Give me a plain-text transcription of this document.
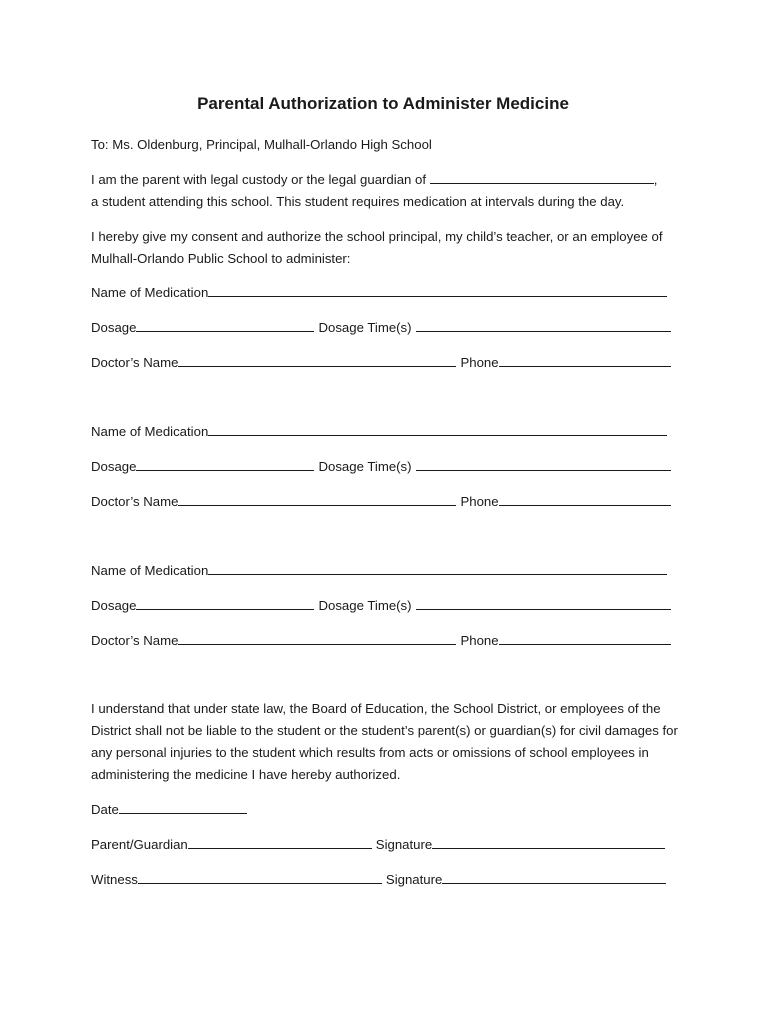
Parental Authorization to Administer Medicine
To: Ms. Oldenburg, Principal, Mulhall-Orlando High School
I am the parent with legal custody or the legal guardian of	,
a student attending this school. This student requires medication at intervals during the day.
I hereby give my consent and authorize the school principal, my child’s teacher, or an employee of Mulhall-Orlando Public School to administer:
Name of Medication
Dosage	Dosage Time(s)
Doctor’s Name	Phone
Name of Medication
Dosage	Dosage Time(s)
Doctor’s Name	Phone
Name of Medication
Dosage	Dosage Time(s)
Doctor’s Name	Phone
I understand that under state law, the Board of Education, the School District, or employees of the District shall not be liable to the student or the student’s parent(s) or guardian(s) for civil damages for any personal injuries to the student which results from acts or omissions of school employees in administering the medicine I have hereby authorized.
Date
Parent/Guardian	Signature
Witness	Signature
